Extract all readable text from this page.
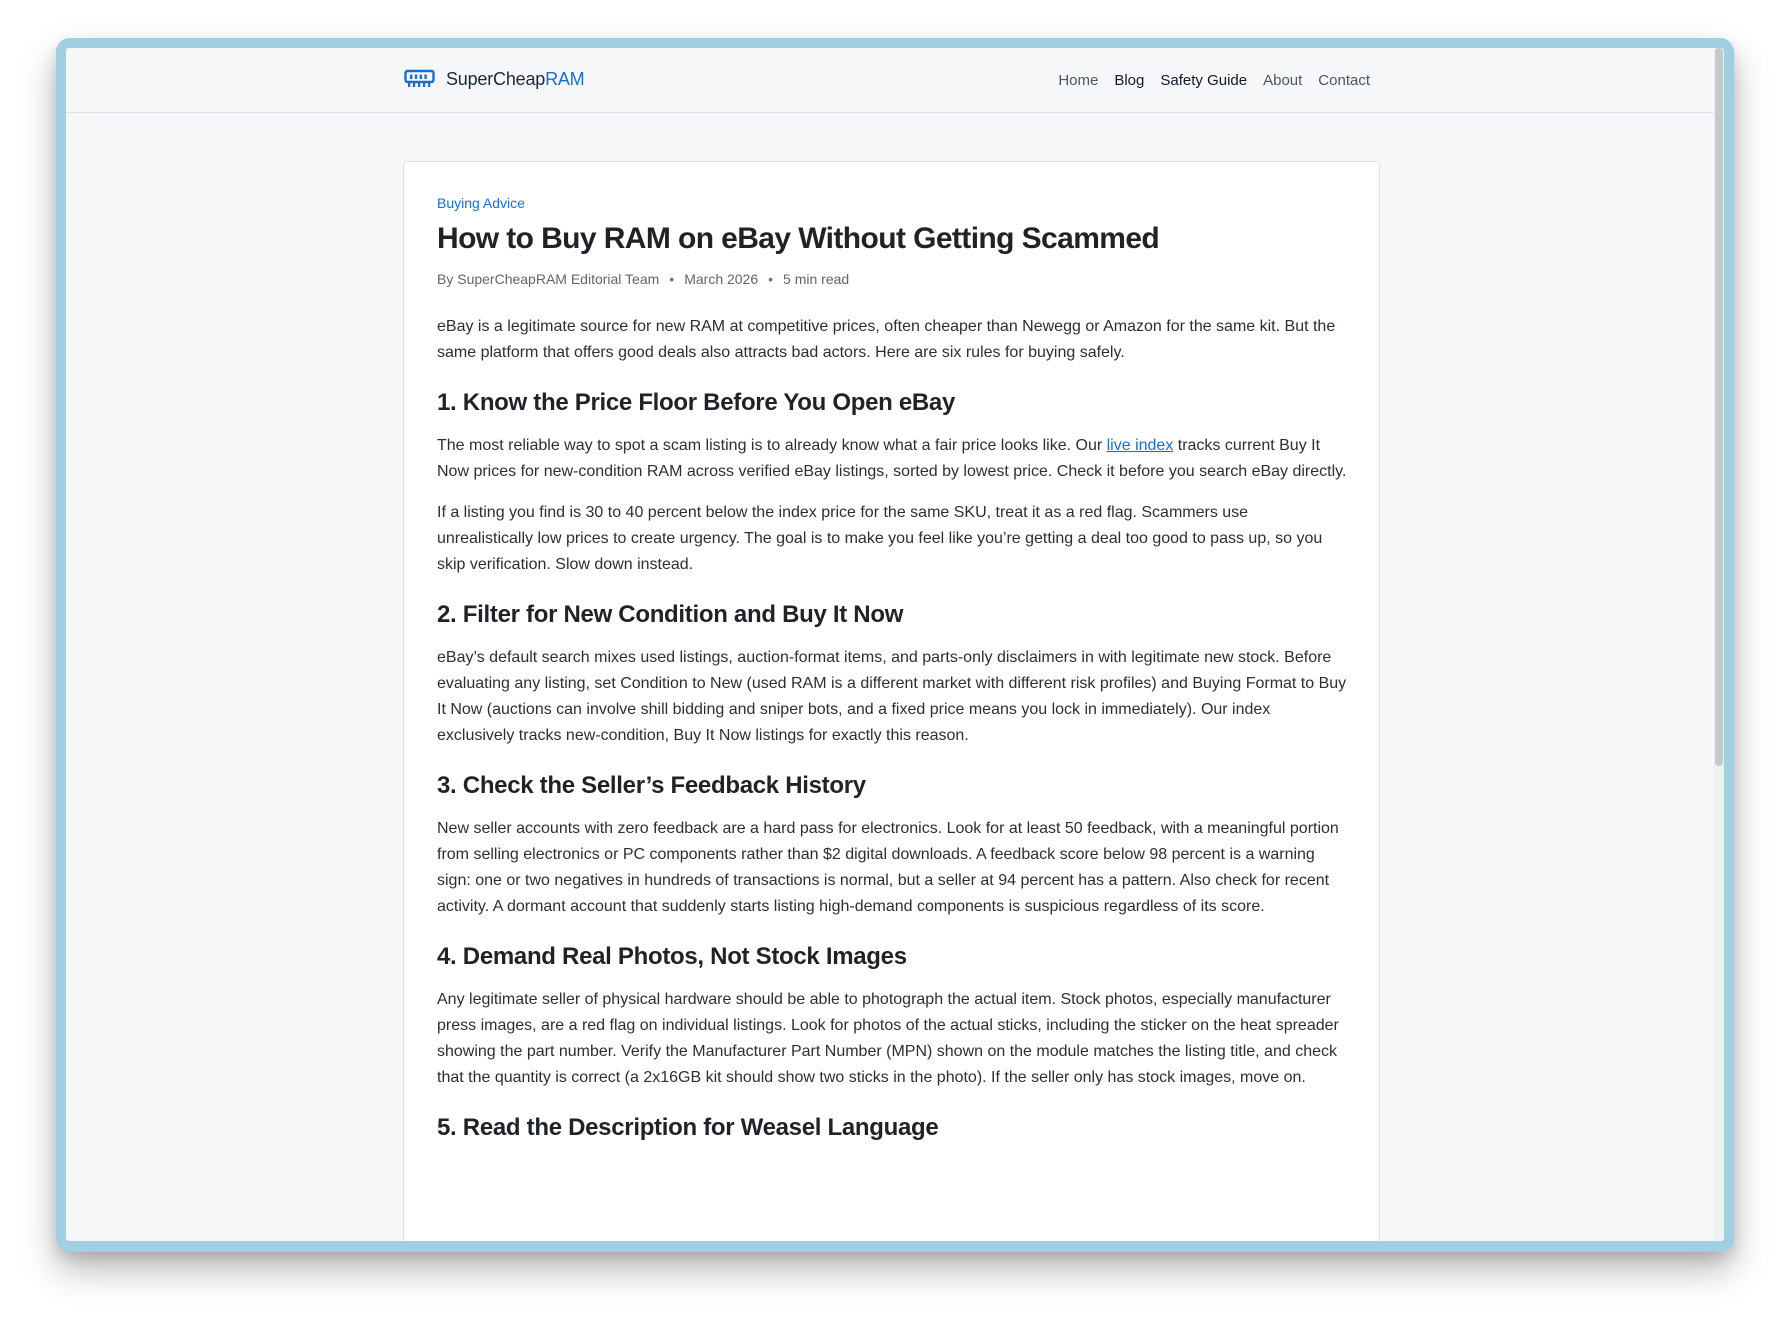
SuperCheapRAM	Home Blog Safety Guide About Contact
Buying Advice
How to Buy RAM on eBay Without Getting Scammed
By SuperCheapRAM Editorial Team • March 2026 • 5 min read

eBay is a legitimate source for new RAM at competitive prices, often cheaper than Newegg or Amazon for the same kit. But the same platform that offers good deals also attracts bad actors. Here are six rules for buying safely.

1. Know the Price Floor Before You Open eBay

The most reliable way to spot a scam listing is to already know what a fair price looks like. Our live index tracks current Buy It Now prices for new-condition RAM across verified eBay listings, sorted by lowest price. Check it before you search eBay directly.

If a listing you find is 30 to 40 percent below the index price for the same SKU, treat it as a red flag. Scammers use unrealistically low prices to create urgency. The goal is to make you feel like you’re getting a deal too good to pass up, so you skip verification. Slow down instead.

2. Filter for New Condition and Buy It Now

eBay’s default search mixes used listings, auction-format items, and parts-only disclaimers in with legitimate new stock. Before evaluating any listing, set Condition to New (used RAM is a different market with different risk profiles) and Buying Format to Buy It Now (auctions can involve shill bidding and sniper bots, and a fixed price means you lock in immediately). Our index exclusively tracks new-condition, Buy It Now listings for exactly this reason.

3. Check the Seller’s Feedback History

New seller accounts with zero feedback are a hard pass for electronics. Look for at least 50 feedback, with a meaningful portion from selling electronics or PC components rather than $2 digital downloads. A feedback score below 98 percent is a warning sign: one or two negatives in hundreds of transactions is normal, but a seller at 94 percent has a pattern. Also check for recent activity. A dormant account that suddenly starts listing high-demand components is suspicious regardless of its score.

4. Demand Real Photos, Not Stock Images

Any legitimate seller of physical hardware should be able to photograph the actual item. Stock photos, especially manufacturer press images, are a red flag on individual listings. Look for photos of the actual sticks, including the sticker on the heat spreader showing the part number. Verify the Manufacturer Part Number (MPN) shown on the module matches the listing title, and check that the quantity is correct (a 2x16GB kit should show two sticks in the photo). If the seller only has stock images, move on.

5. Read the Description for Weasel Language
